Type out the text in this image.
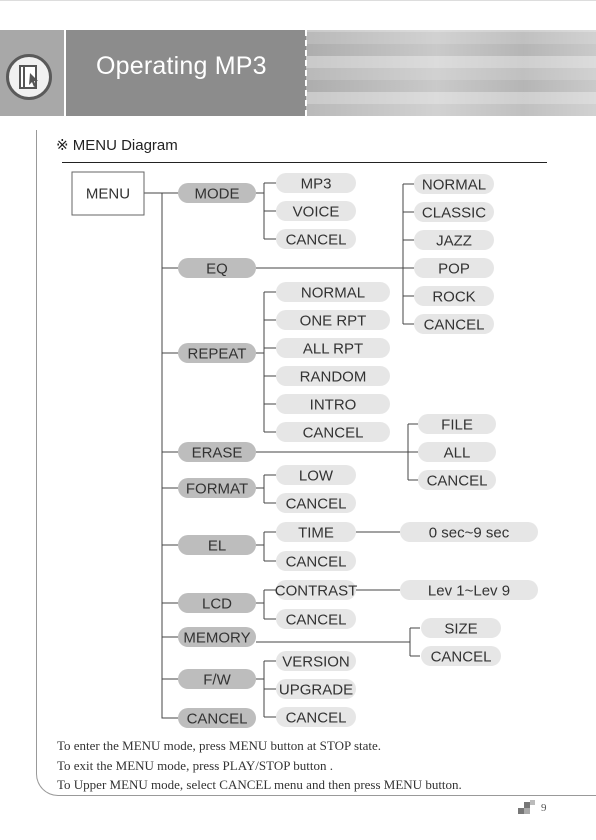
Operating MP3
※ MENU Diagram
MENU	MODE
EQ
REPEAT
ERASE
FORMAT
EL
LCD
MEMORY
F/W
CANCEL
MP3
VOICE
CANCEL
NORMAL
CLASSIC
JAZZ
POP
ROCK
CANCEL
NORMAL
ONE RPT
ALL RPT
RANDOM
INTRO
CANCEL	FILE
ALL
CANCEL
LOW
CANCEL
TIME
CANCEL
0 sec~9 sec
CONTRAST
CANCEL
Lev 1~Lev 9
SIZE
CANCEL
VERSION
UPGRADE
CANCEL
To enter the MENU mode, press MENU button at STOP state.
To exit the MENU mode, press PLAY/STOP button .
To Upper MENU mode, select CANCEL menu and then press MENU button.
9
